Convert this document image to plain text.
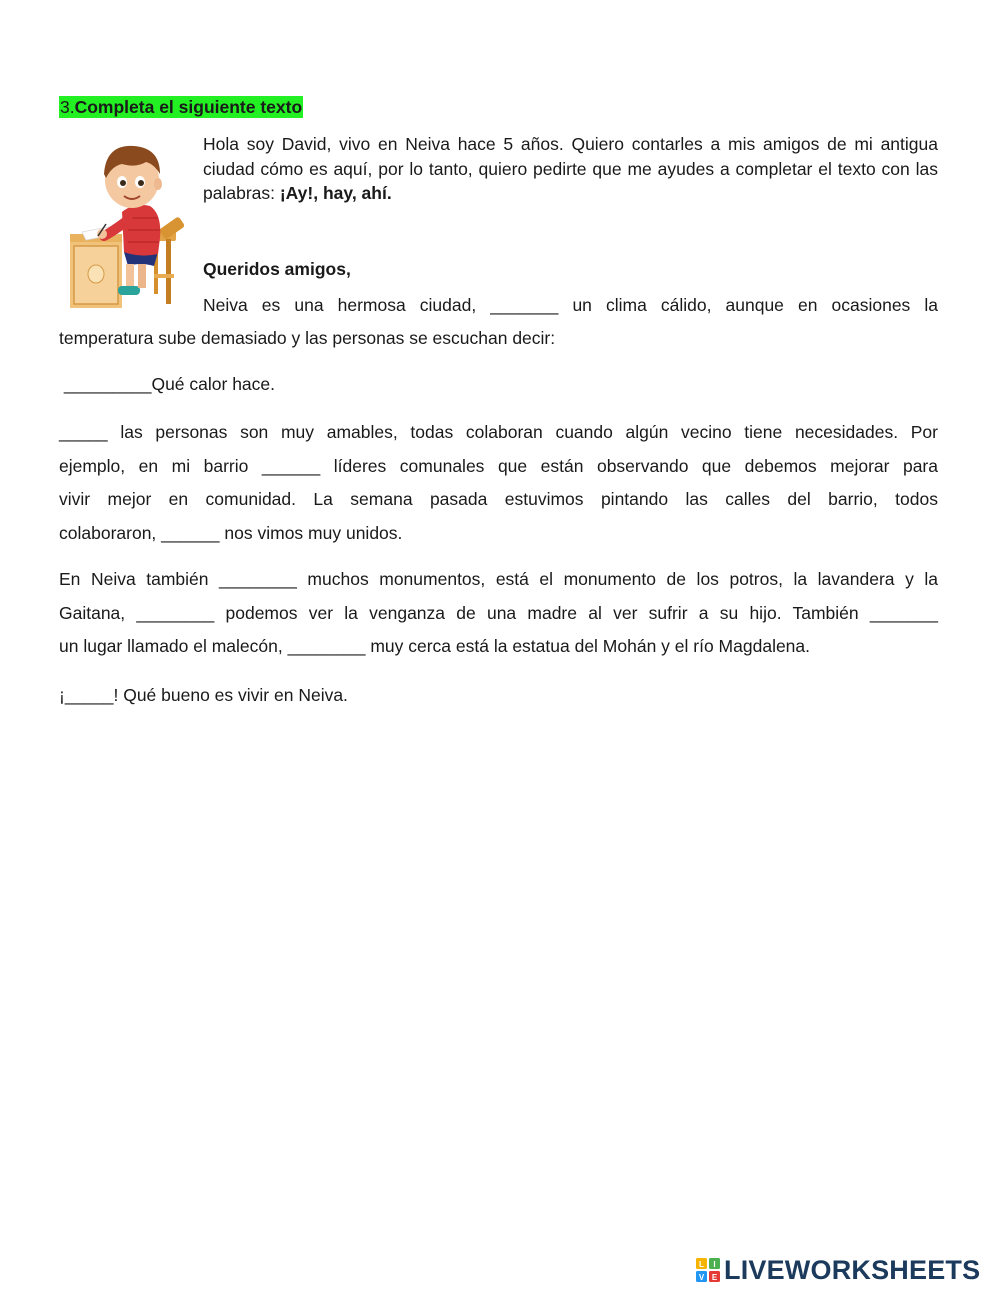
3.Completa el siguiente texto

Hola soy David, vivo en Neiva hace 5 años. Quiero contarles a mis amigos de mi antigua ciudad cómo es aquí, por lo tanto, quiero pedirte que me ayudes a completar el texto con las palabras: ¡Ay!, hay, ahí.

Queridos amigos,
Neiva es una hermosa ciudad, _______ un clima cálido, aunque en ocasiones la
temperatura sube demasiado y las personas se escuchan decir:
_________Qué calor hace.
_____ las personas son muy amables, todas colaboran cuando algún vecino tiene necesidades. Por
ejemplo, en mi barrio ______ líderes comunales que están observando que debemos mejorar para
vivir mejor en comunidad. La semana pasada estuvimos pintando las calles del barrio, todos
colaboraron, ______ nos vimos muy unidos.
En Neiva también ________ muchos monumentos, está el monumento de los potros, la lavandera y la
Gaitana, ________ podemos ver la venganza de una madre al ver sufrir a su hijo. También _______
un lugar llamado el malecón, ________ muy cerca está la estatua del Mohán y el río Magdalena.
¡_____! Qué bueno es vivir en Neiva.
L I
V E LIVEWORKSHEETS
